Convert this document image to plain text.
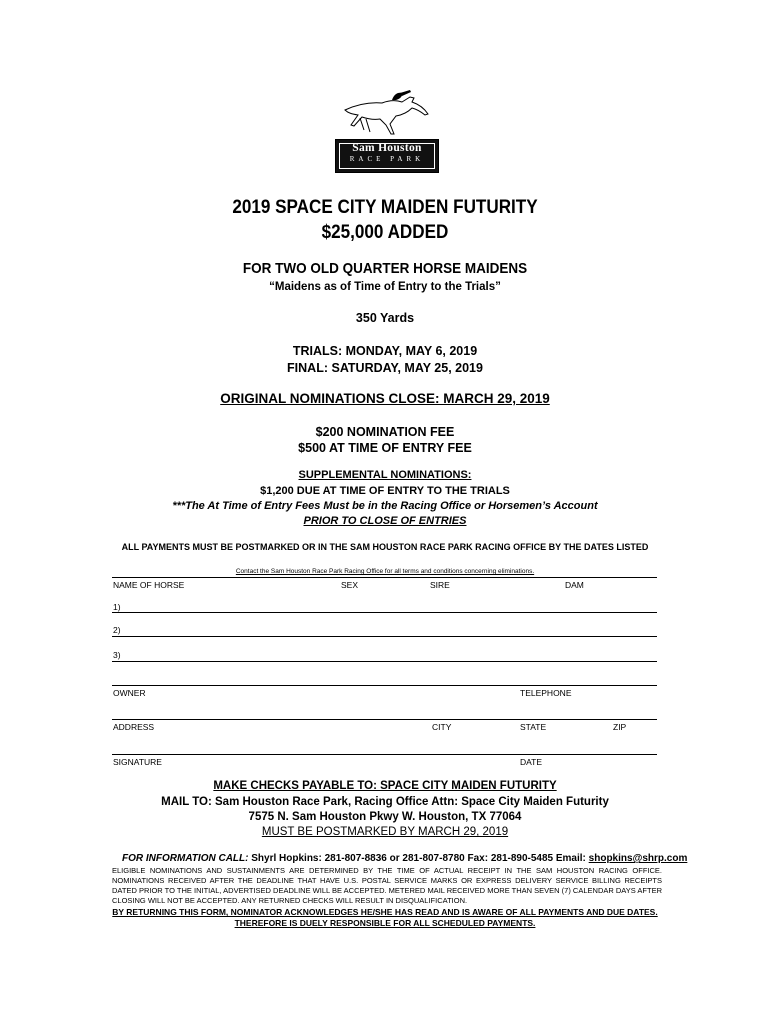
Sam Houston
RACE PARK
2019 SPACE CITY MAIDEN FUTURITY
$25,000 ADDED
FOR TWO OLD QUARTER HORSE MAIDENS
“Maidens as of Time of Entry to the Trials”
350 Yards
TRIALS: MONDAY, MAY 6, 2019
FINAL: SATURDAY, MAY 25, 2019
ORIGINAL NOMINATIONS CLOSE: MARCH 29, 2019
$200 NOMINATION FEE
$500 AT TIME OF ENTRY FEE
SUPPLEMENTAL NOMINATIONS:
$1,200 DUE AT TIME OF ENTRY TO THE TRIALS
***The At Time of Entry Fees Must be in the Racing Office or Horsemen’s Account
PRIOR TO CLOSE OF ENTRIES
ALL PAYMENTS MUST BE POSTMARKED OR IN THE SAM HOUSTON RACE PARK RACING OFFICE BY THE DATES LISTED
Contact the Sam Houston Race Park Racing Office for all terms and conditions concerning eliminations.
NAME OF HORSE	SEX	SIRE	DAM
1)
2)
3)
OWNER	TELEPHONE
ADDRESS	CITY	STATE	ZIP
SIGNATURE	DATE
MAKE CHECKS PAYABLE TO: SPACE CITY MAIDEN FUTURITY
MAIL TO: Sam Houston Race Park, Racing Office Attn: Space City Maiden Futurity
7575 N. Sam Houston Pkwy W. Houston, TX 77064
MUST BE POSTMARKED BY MARCH 29, 2019
FOR INFORMATION CALL: Shyrl Hopkins: 281-807-8836 or 281-807-8780 Fax: 281-890-5485 Email: shopkins@shrp.com
ELIGIBLE NOMINATIONS AND SUSTAINMENTS ARE DETERMINED BY THE TIME OF ACTUAL RECEIPT IN THE SAM HOUSTON RACING OFFICE. NOMINATIONS RECEIVED AFTER THE DEADLINE THAT HAVE U.S. POSTAL SERVICE MARKS OR EXPRESS DELIVERY SERVICE BILLING RECEIPTS DATED PRIOR TO THE INITIAL, ADVERTISED DEADLINE WILL BE ACCEPTED. METERED MAIL RECEIVED MORE THAN SEVEN (7) CALENDAR DAYS AFTER CLOSING WILL NOT BE ACCEPTED. ANY RETURNED CHECKS WILL RESULT IN DISQUALIFICATION.
BY RETURNING THIS FORM, NOMINATOR ACKNOWLEDGES HE/SHE HAS READ AND IS AWARE OF ALL PAYMENTS AND DUE DATES.
THEREFORE IS DUELY RESPONSIBLE FOR ALL SCHEDULED PAYMENTS.
